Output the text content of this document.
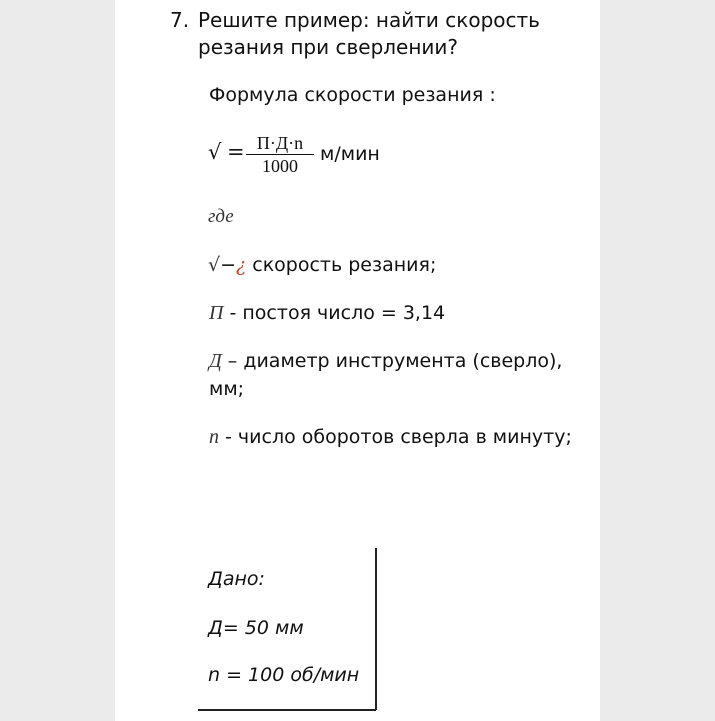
7. Решите пример: найти скорость
резания при сверлении?
Формула скорости резания :
√ = П·Д·n
1000
м/мин
где
√−¿ скорость резания;
П - постоя число = 3,14
Д – диаметр инструмента (сверло),
мм;
n - число оборотов сверла в минуту;
Дано:
Д= 50 мм
n = 100 об/мин
